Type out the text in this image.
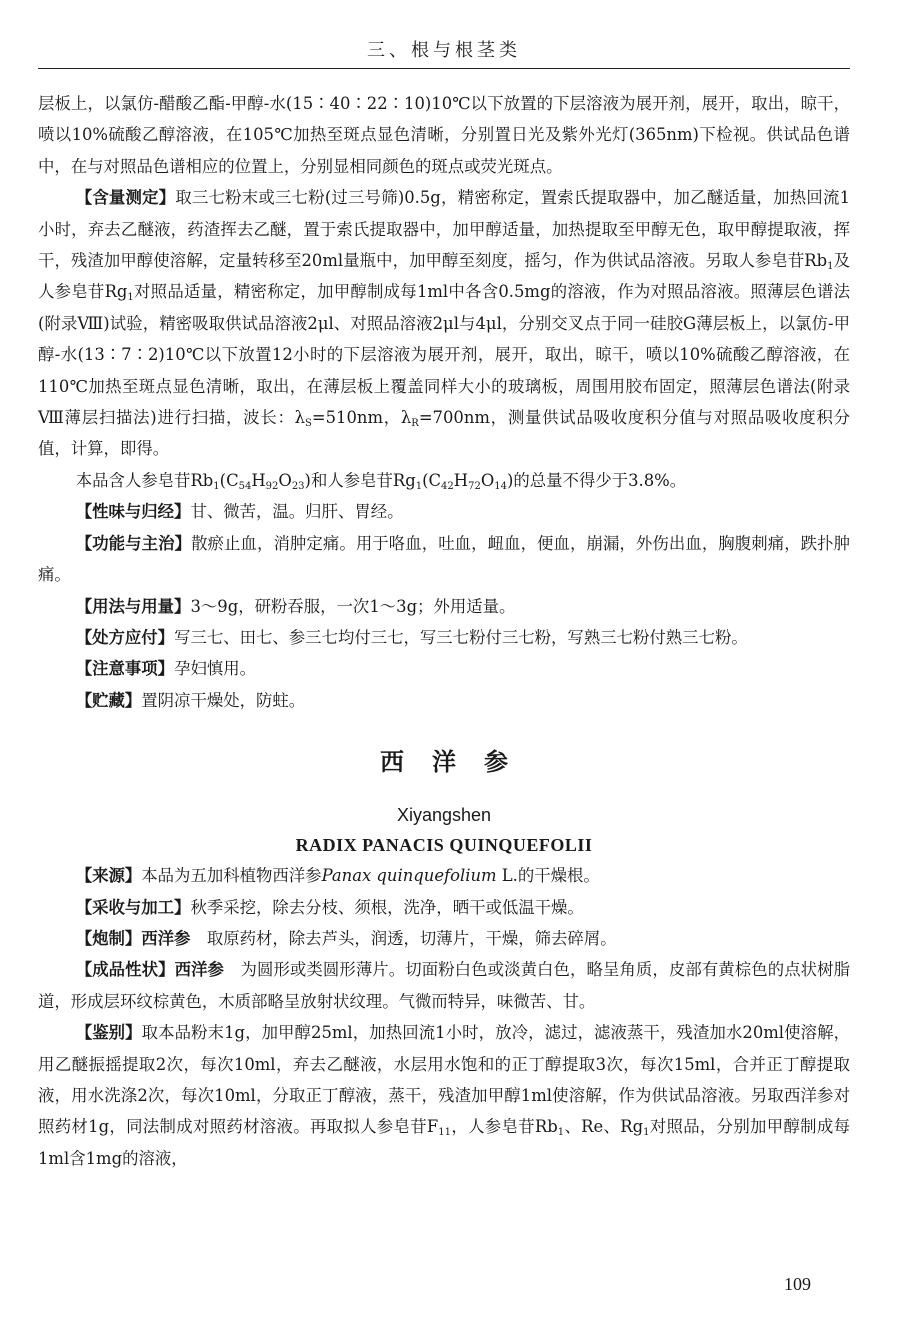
三、根与根茎类

层板上，以氯仿-醋酸乙酯-甲醇-水(15∶40∶22∶10)10℃以下放置的下层溶液为展开剂，展开，取出，晾干，喷以10%硫酸乙醇溶液，在105℃加热至斑点显色清晰，分别置日光及紫外光灯(365nm)下检视。供试品色谱中，在与对照品色谱相应的位置上，分别显相同颜色的斑点或荧光斑点。

【含量测定】取三七粉末或三七粉(过三号筛)0.5g，精密称定，置索氏提取器中，加乙醚适量，加热回流1小时，弃去乙醚液，药渣挥去乙醚，置于索氏提取器中，加甲醇适量，加热提取至甲醇无色，取甲醇提取液，挥干，残渣加甲醇使溶解，定量转移至20ml量瓶中，加甲醇至刻度，摇匀，作为供试品溶液。另取人参皂苷$Rb_1$及人参皂苷$Rg_1$对照品适量，精密称定，加甲醇制成每1ml中各含0.5mg的溶液，作为对照品溶液。照薄层色谱法(附录Ⅷ)试验，精密吸取供试品溶液2μl、对照品溶液2μl与4μl，分别交叉点于同一硅胶G薄层板上，以氯仿-甲醇-水(13∶7∶2)10℃以下放置12小时的下层溶液为展开剂，展开，取出，晾干，喷以10%硫酸乙醇溶液，在110℃加热至斑点显色清晰，取出，在薄层板上覆盖同样大小的玻璃板，周围用胶布固定，照薄层色谱法(附录Ⅷ薄层扫描法)进行扫描，波长：$\lambda_S=510nm$，$\lambda_R=700nm$，测量供试品吸收度积分值与对照品吸收度积分值，计算，即得。

本品含人参皂苷$Rb_1(C_{54}H_{92}O_{23})$和人参皂苷$Rg_1(C_{42}H_{72}O_{14})$的总量不得少于3.8%。

【性味与归经】甘、微苦，温。归肝、胃经。

【功能与主治】散瘀止血，消肿定痛。用于咯血，吐血，衄血，便血，崩漏，外伤出血，胸腹刺痛，跌扑肿痛。

【用法与用量】3～9g，研粉吞服，一次1～3g；外用适量。

【处方应付】写三七、田七、参三七均付三七，写三七粉付三七粉，写熟三七粉付熟三七粉。

【注意事项】孕妇慎用。

【贮藏】置阴凉干燥处，防蛀。

西洋参
Xiyangshen
RADIX PANACIS QUINQUEFOLII

【来源】本品为五加科植物西洋参Panax quinquefolium L.的干燥根。

【采收与加工】秋季采挖，除去分枝、须根，洗净，晒干或低温干燥。

【炮制】西洋参　取原药材，除去芦头，润透，切薄片，干燥，筛去碎屑。

【成品性状】西洋参　为圆形或类圆形薄片。切面粉白色或淡黄白色，略呈角质，皮部有黄棕色的点状树脂道，形成层环纹棕黄色，木质部略呈放射状纹理。气微而特异，味微苦、甘。

【鉴别】取本品粉末1g，加甲醇25ml，加热回流1小时，放冷，滤过，滤液蒸干，残渣加水20ml使溶解，用乙醚振摇提取2次，每次10ml，弃去乙醚液，水层用水饱和的正丁醇提取3次，每次15ml，合并正丁醇提取液，用水洗涤2次，每次10ml，分取正丁醇液，蒸干，残渣加甲醇1ml使溶解，作为供试品溶液。另取西洋参对照药材1g，同法制成对照药材溶液。再取拟人参皂苷$F_{11}$，人参皂苷$Rb_1$、Re、$Rg_1$对照品，分别加甲醇制成每1ml含1mg的溶液，

109
